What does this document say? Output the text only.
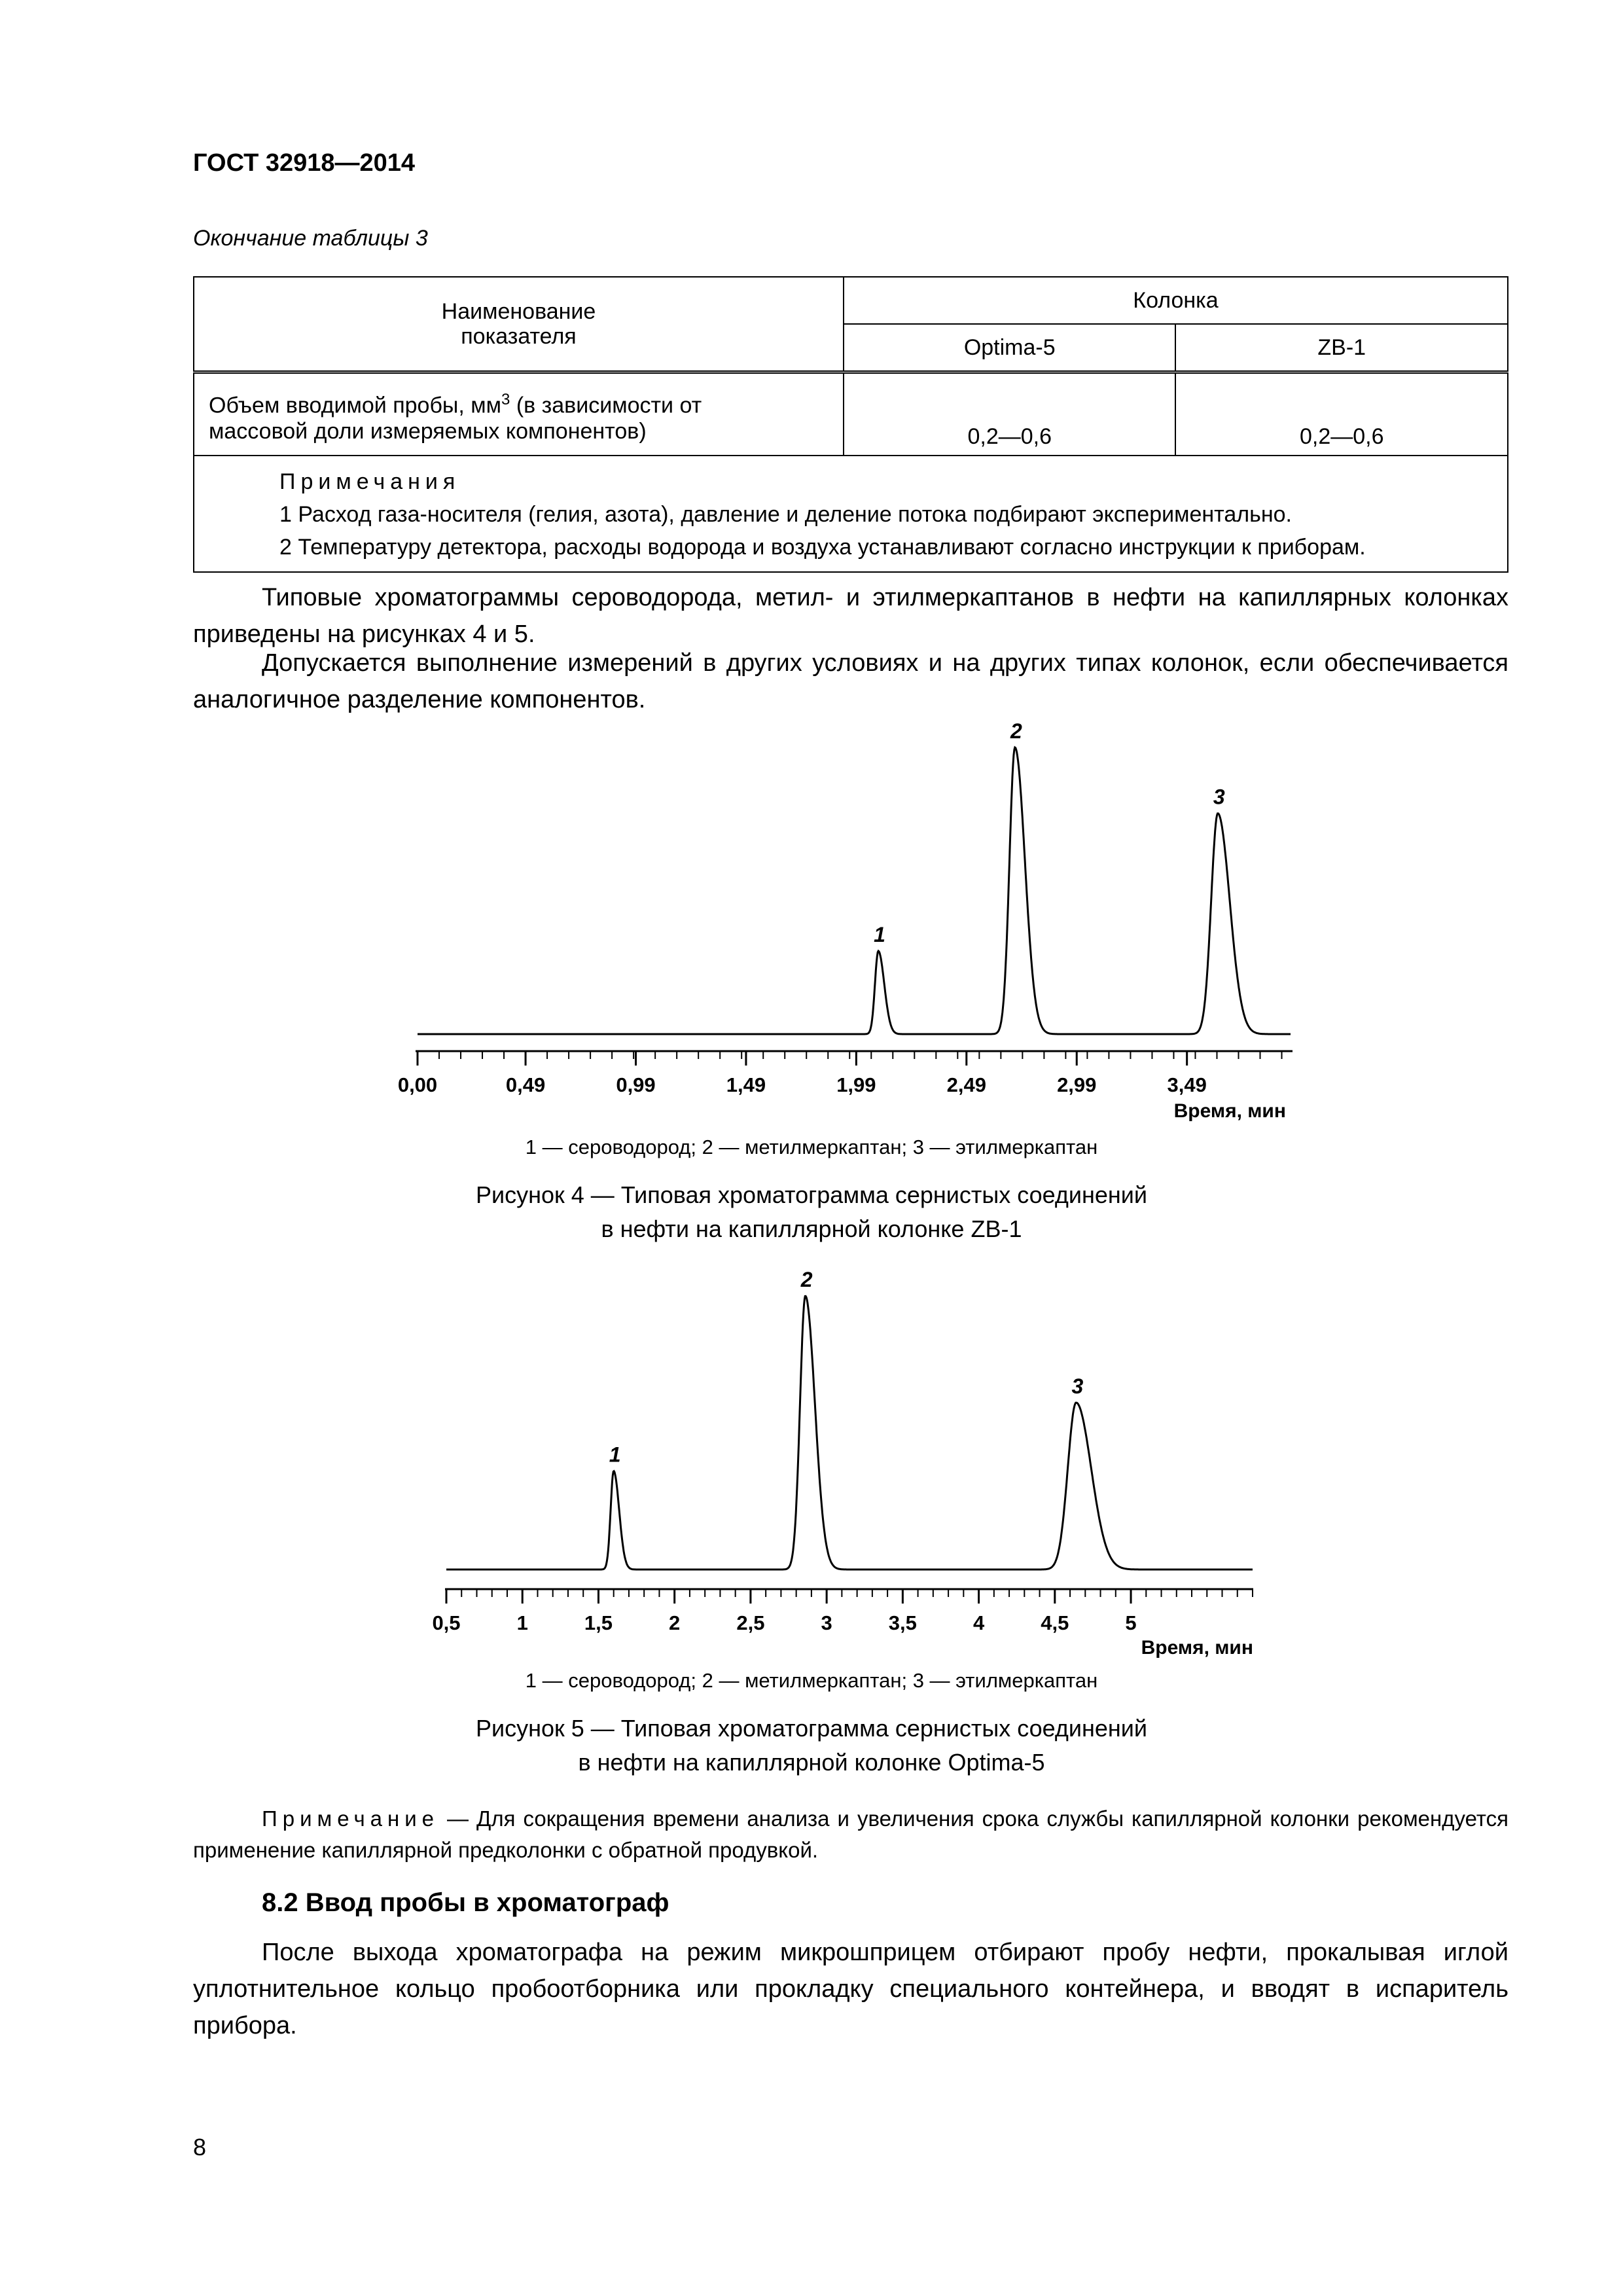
ГОСТ 32918—2014
Окончание таблицы 3
Наименование
показателя	Колонка	
	Optima-5	ZB-1

Объем вводимой пробы, $мм^3$ (в зависимости от
массовой доли измеряемых компонентов)	0,2—0,6	0,2—0,6

Примечания
1 Расход газа-носителя (гелия, азота), давление и деление потока подбирают экспериментально.
2 Температуру детектора, расходы водорода и воздуха устанавливают согласно инструкции к приборам.		
Типовые хроматограммы сероводорода, метил- и этилмеркаптанов в нефти на капиллярных колонках приведены на рисунках 4 и 5.
Допускается выполнение измерений в других условиях и на других типах колонок, если обеспечивается аналогичное разделение компонентов.
0,00	0,49	0,99	1,49	1,99	2,49	2,99	3,49
1
2
3
Время, мин
1 — сероводород; 2 — метилмеркаптан; 3 — этилмеркаптан
Рисунок 4 — Типовая хроматограмма сернистых соединений
в нефти на капиллярной колонке ZB-1
0,5	1	1,5	2	2,5	3	3,5	4	4,5	5
1
2
3
Время, мин
1 — сероводород; 2 — метилмеркаптан; 3 — этилмеркаптан
Рисунок 5 — Типовая хроматограмма сернистых соединений
в нефти на капиллярной колонке Optima-5
Примечание — Для сокращения времени анализа и увеличения срока службы капиллярной колонки рекомендуется применение капиллярной предколонки с обратной продувкой.
8.2 Ввод пробы в хроматограф
После выхода хроматографа на режим микрошприцем отбирают пробу нефти, прокалывая иглой уплотнительное кольцо пробоотборника или прокладку специального контейнера, и вводят в испаритель прибора.
8
